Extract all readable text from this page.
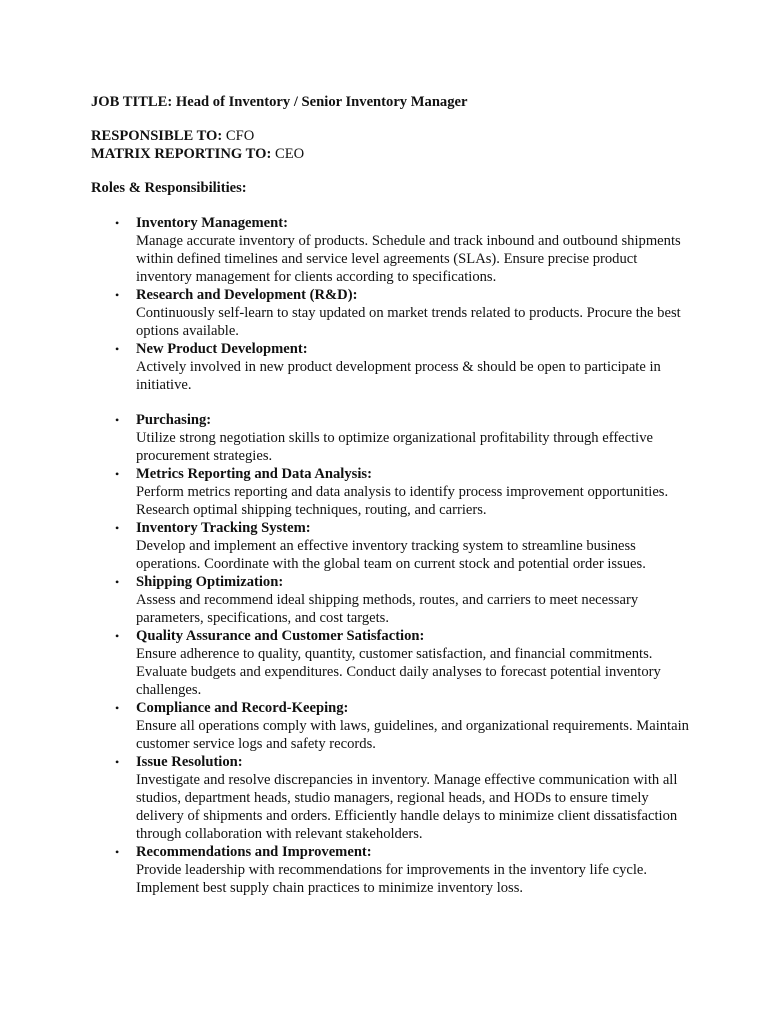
JOB TITLE: Head of Inventory / Senior Inventory Manager

RESPONSIBLE TO: CFO

MATRIX REPORTING TO: CEO

Roles & Responsibilities:

• Inventory Management:
Manage accurate inventory of products. Schedule and track inbound and outbound shipments within defined timelines and service level agreements (SLAs). Ensure precise product inventory management for clients according to specifications.
• Research and Development (R&D):
Continuously self-learn to stay updated on market trends related to products. Procure the best options available.
• New Product Development:
Actively involved in new product development process & should be open to participate in initiative.
• Purchasing:
Utilize strong negotiation skills to optimize organizational profitability through effective procurement strategies.
• Metrics Reporting and Data Analysis:
Perform metrics reporting and data analysis to identify process improvement opportunities. Research optimal shipping techniques, routing, and carriers.
• Inventory Tracking System:
Develop and implement an effective inventory tracking system to streamline business operations. Coordinate with the global team on current stock and potential order issues.
• Shipping Optimization:
Assess and recommend ideal shipping methods, routes, and carriers to meet necessary parameters, specifications, and cost targets.
• Quality Assurance and Customer Satisfaction:
Ensure adherence to quality, quantity, customer satisfaction, and financial commitments. Evaluate budgets and expenditures. Conduct daily analyses to forecast potential inventory challenges.
• Compliance and Record-Keeping:
Ensure all operations comply with laws, guidelines, and organizational requirements. Maintain customer service logs and safety records.
• Issue Resolution:
Investigate and resolve discrepancies in inventory. Manage effective communication with all studios, department heads, studio managers, regional heads, and HODs to ensure timely delivery of shipments and orders. Efficiently handle delays to minimize client dissatisfaction through collaboration with relevant stakeholders.
• Recommendations and Improvement:
Provide leadership with recommendations for improvements in the inventory life cycle. Implement best supply chain practices to minimize inventory loss.
